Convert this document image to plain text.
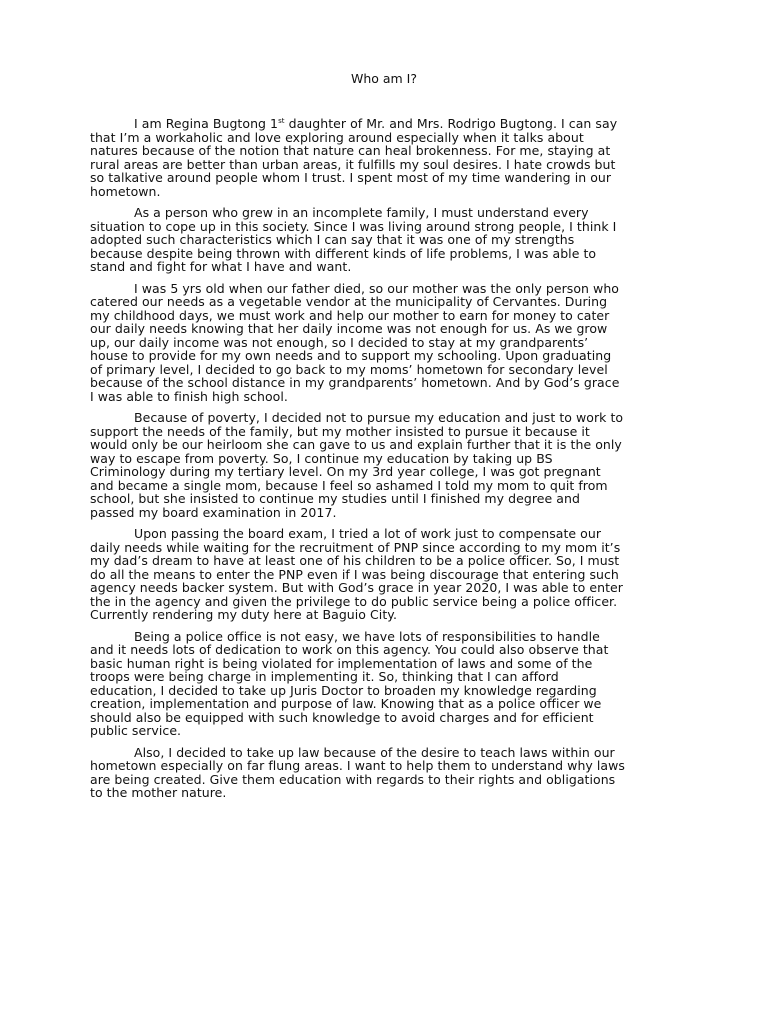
Who am I?

I am Regina Bugtong 1st daughter of Mr. and Mrs. Rodrigo Bugtong. I can say
that I’m a workaholic and love exploring around especially when it talks about
natures because of the notion that nature can heal brokenness. For me, staying at
rural areas are better than urban areas, it fulfills my soul desires. I hate crowds but
so talkative around people whom I trust. I spent most of my time wandering in our
hometown.

As a person who grew in an incomplete family, I must understand every
situation to cope up in this society. Since I was living around strong people, I think I
adopted such characteristics which I can say that it was one of my strengths
because despite being thrown with different kinds of life problems, I was able to
stand and fight for what I have and want.

I was 5 yrs old when our father died, so our mother was the only person who
catered our needs as a vegetable vendor at the municipality of Cervantes. During
my childhood days, we must work and help our mother to earn for money to cater
our daily needs knowing that her daily income was not enough for us. As we grow
up, our daily income was not enough, so I decided to stay at my grandparents’
house to provide for my own needs and to support my schooling. Upon graduating
of primary level, I decided to go back to my moms’ hometown for secondary level
because of the school distance in my grandparents’ hometown. And by God’s grace
I was able to finish high school.

Because of poverty, I decided not to pursue my education and just to work to
support the needs of the family, but my mother insisted to pursue it because it
would only be our heirloom she can gave to us and explain further that it is the only
way to escape from poverty. So, I continue my education by taking up BS
Criminology during my tertiary level. On my 3rd year college, I was got pregnant
and became a single mom, because I feel so ashamed I told my mom to quit from
school, but she insisted to continue my studies until I finished my degree and
passed my board examination in 2017.

Upon passing the board exam, I tried a lot of work just to compensate our
daily needs while waiting for the recruitment of PNP since according to my mom it’s
my dad’s dream to have at least one of his children to be a police officer. So, I must
do all the means to enter the PNP even if I was being discourage that entering such
agency needs backer system. But with God’s grace in year 2020, I was able to enter
the in the agency and given the privilege to do public service being a police officer.
Currently rendering my duty here at Baguio City.

Being a police office is not easy, we have lots of responsibilities to handle
and it needs lots of dedication to work on this agency. You could also observe that
basic human right is being violated for implementation of laws and some of the
troops were being charge in implementing it. So, thinking that I can afford
education, I decided to take up Juris Doctor to broaden my knowledge regarding
creation, implementation and purpose of law. Knowing that as a police officer we
should also be equipped with such knowledge to avoid charges and for efficient
public service.

Also, I decided to take up law because of the desire to teach laws within our
hometown especially on far flung areas. I want to help them to understand why laws
are being created. Give them education with regards to their rights and obligations
to the mother nature.
